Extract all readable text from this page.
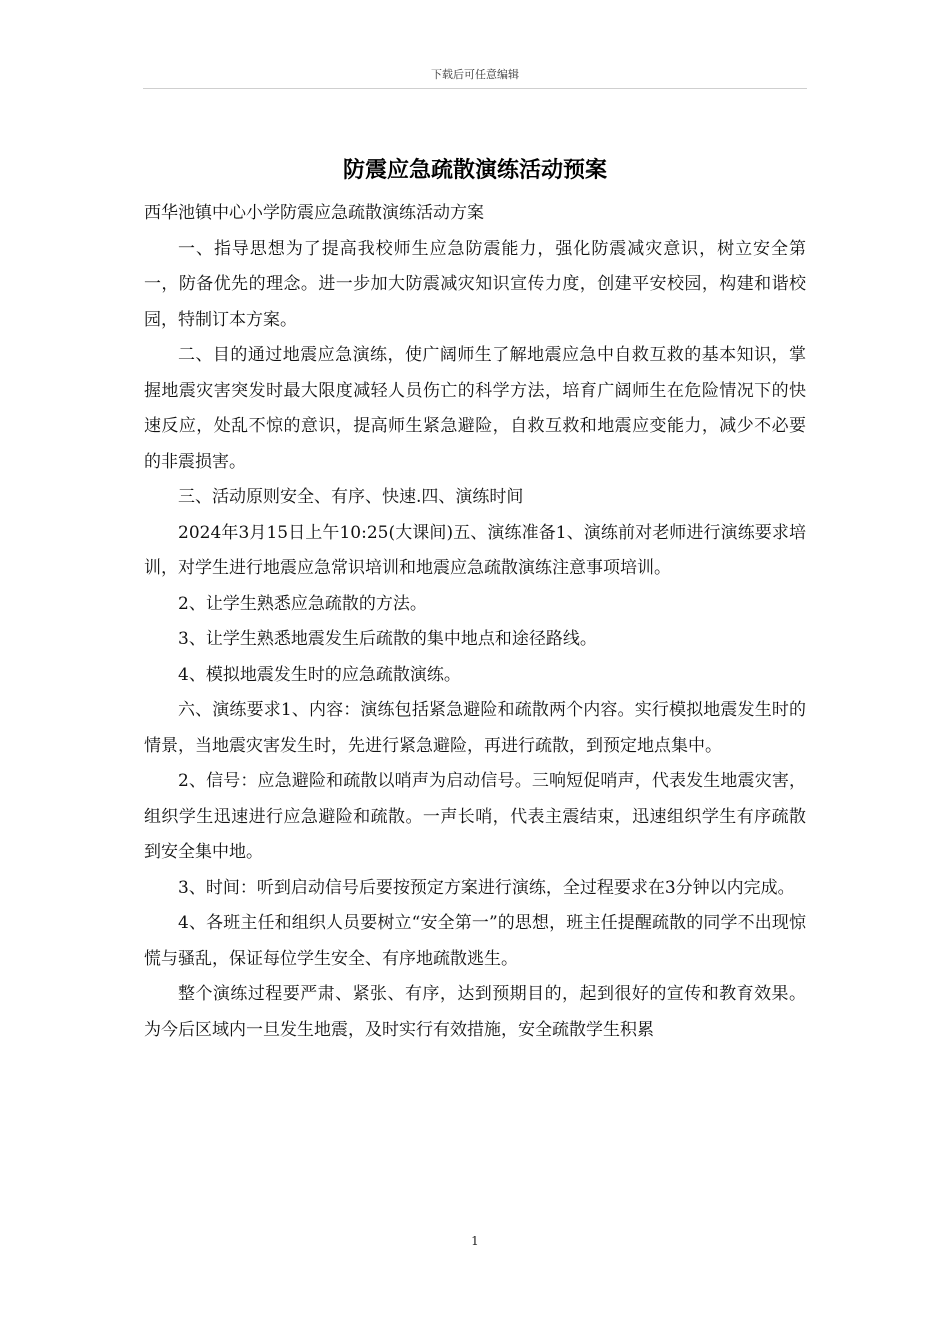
下载后可任意编辑
防震应急疏散演练活动预案

西华池镇中心小学防震应急疏散演练活动方案

一、指导思想为了提高我校师生应急防震能力，强化防震减灾意识，树立安全第一，防备优先的理念。进一步加大防震减灾知识宣传力度，创建平安校园，构建和谐校园，特制订本方案。

二、目的通过地震应急演练，使广阔师生了解地震应急中自救互救的基本知识，掌握地震灾害突发时最大限度减轻人员伤亡的科学方法，培育广阔师生在危险情况下的快速反应，处乱不惊的意识，提高师生紧急避险，自救互救和地震应变能力，减少不必要的非震损害。

三、活动原则安全、有序、快速.四、演练时间

2024年3月15日上午10:25(大课间)五、演练准备1、演练前对老师进行演练要求培训，对学生进行地震应急常识培训和地震应急疏散演练注意事项培训。

2、让学生熟悉应急疏散的方法。

3、让学生熟悉地震发生后疏散的集中地点和途径路线。

4、模拟地震发生时的应急疏散演练。

六、演练要求1、内容：演练包括紧急避险和疏散两个内容。实行模拟地震发生时的情景，当地震灾害发生时，先进行紧急避险，再进行疏散，到预定地点集中。

2、信号：应急避险和疏散以哨声为启动信号。三响短促哨声，代表发生地震灾害，组织学生迅速进行应急避险和疏散。一声长哨，代表主震结束，迅速组织学生有序疏散到安全集中地。

3、时间：听到启动信号后要按预定方案进行演练，全过程要求在3分钟以内完成。

4、各班主任和组织人员要树立“安全第一”的思想，班主任提醒疏散的同学不出现惊慌与骚乱，保证每位学生安全、有序地疏散逃生。

整个演练过程要严肃、紧张、有序，达到预期目的，起到很好的宣传和教育效果。为今后区域内一旦发生地震，及时实行有效措施，安全疏散学生积累

1
